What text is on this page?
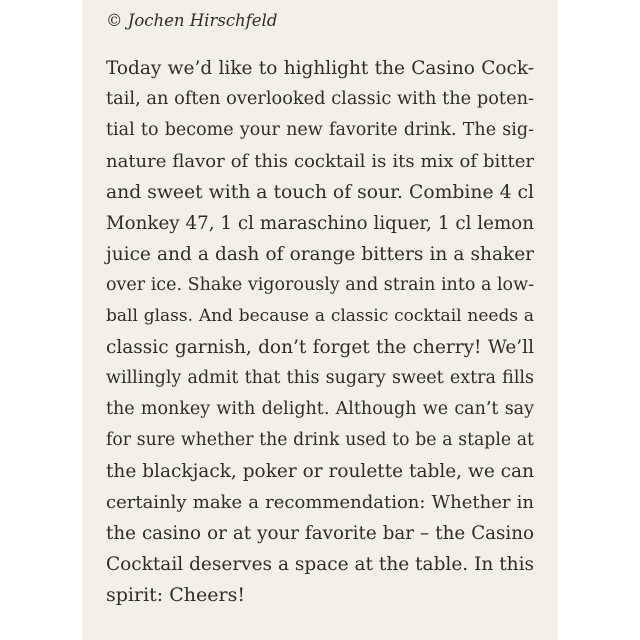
© Jochen Hirschfeld
Today we’d like to highlight the Casino Cock-
tail, an often overlooked classic with the poten-
tial to become your new favorite drink. The sig-
nature flavor of this cocktail is its mix of bitter
and sweet with a touch of sour. Combine 4 cl
Monkey 47, 1 cl maraschino liquer, 1 cl lemon
juice and a dash of orange bitters in a shaker
over ice. Shake vigorously and strain into a low-
ball glass. And because a classic cocktail needs a
classic garnish, don’t forget the cherry! We’ll
willingly admit that this sugary sweet extra fills
the monkey with delight. Although we can’t say
for sure whether the drink used to be a staple at
the blackjack, poker or roulette table, we can
certainly make a recommendation: Whether in
the casino or at your favorite bar – the Casino
Cocktail deserves a space at the table. In this
spirit: Cheers!
